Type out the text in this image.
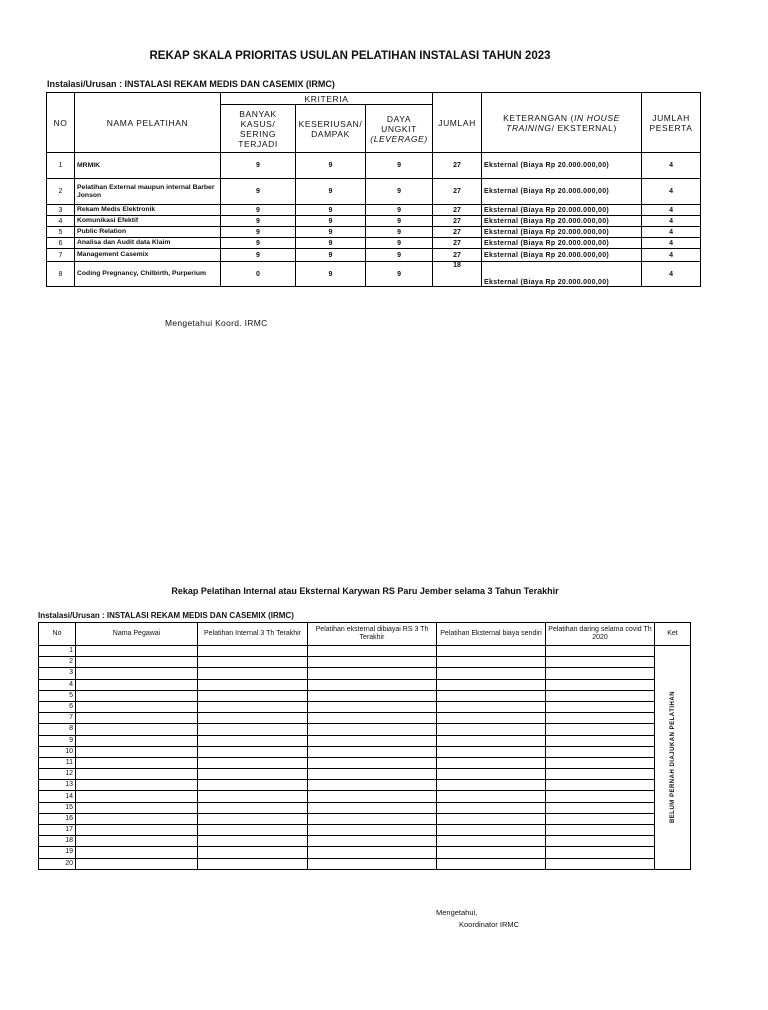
REKAP SKALA PRIORITAS USULAN PELATIHAN INSTALASI TAHUN 2023
Instalasi/Urusan : INSTALASI REKAM MEDIS DAN CASEMIX (IRMC)
NO	NAMA PELATIHAN	KRITERIA			JUMLAH	KETERANGAN (IN HOUSE TRAINING/ EKSTERNAL)	JUMLAH PESERTA
		BANYAK KASUS/ SERING TERJADI	KESERIUSAN/ DAMPAK	DAYA UNGKIT
(LEVERAGE)			
1	MRMIK	9	9	9	27	Eksternal (Biaya Rp 20.000.000,00)	4
2	Pelatihan External maupun internal Barber Jonson	9	9	9	27	Eksternal (Biaya Rp 20.000.000,00)	4
3	Rekam Medis Elektronik	9	9	9	27	Eksternal (Biaya Rp 20.000.000,00)	4
4	Komunikasi Efektif	9	9	9	27	Eksternal (Biaya Rp 20.000.000,00)	4
5	Public Relation	9	9	9	27	Eksternal (Biaya Rp 20.000.000,00)	4
6	Analisa dan Audit data Klaim	9	9	9	27	Eksternal (Biaya Rp 20.000.000,00)	4
7	Management Casemix	9	9	9	27	Eksternal (Biaya Rp 20.000.000,00)	4
8	Coding Pregnancy, Chilbirth, Purperium	0	9	9	18	Eksternal (Biaya Rp 20.000.000,00)	4
Mengetahui Koord. IRMC
Rekap Pelatihan Internal atau Eksternal Karywan RS Paru Jember selama 3 Tahun Terakhir
Instalasi/Urusan : INSTALASI REKAM MEDIS DAN CASEMIX (IRMC)
No	Nama Pegawai	Pelatihan Internal 3 Th Terakhir	Pelatihan eksternal dibiayai RS 3 Th Terakhir	Pelatihan Eksternal biaya sendiri	Pelatihan daring selama covid Th 2020	Ket
1						BELUM PERNAH DIAJUKAN PELATIHAN

2						
3						
4						
5						
6						
7						
8						
9						
10						
11						
12						
13						
14						
15						
16						
17						
18						
19						
20						
Mengetahui,
Koordinator IRMC
